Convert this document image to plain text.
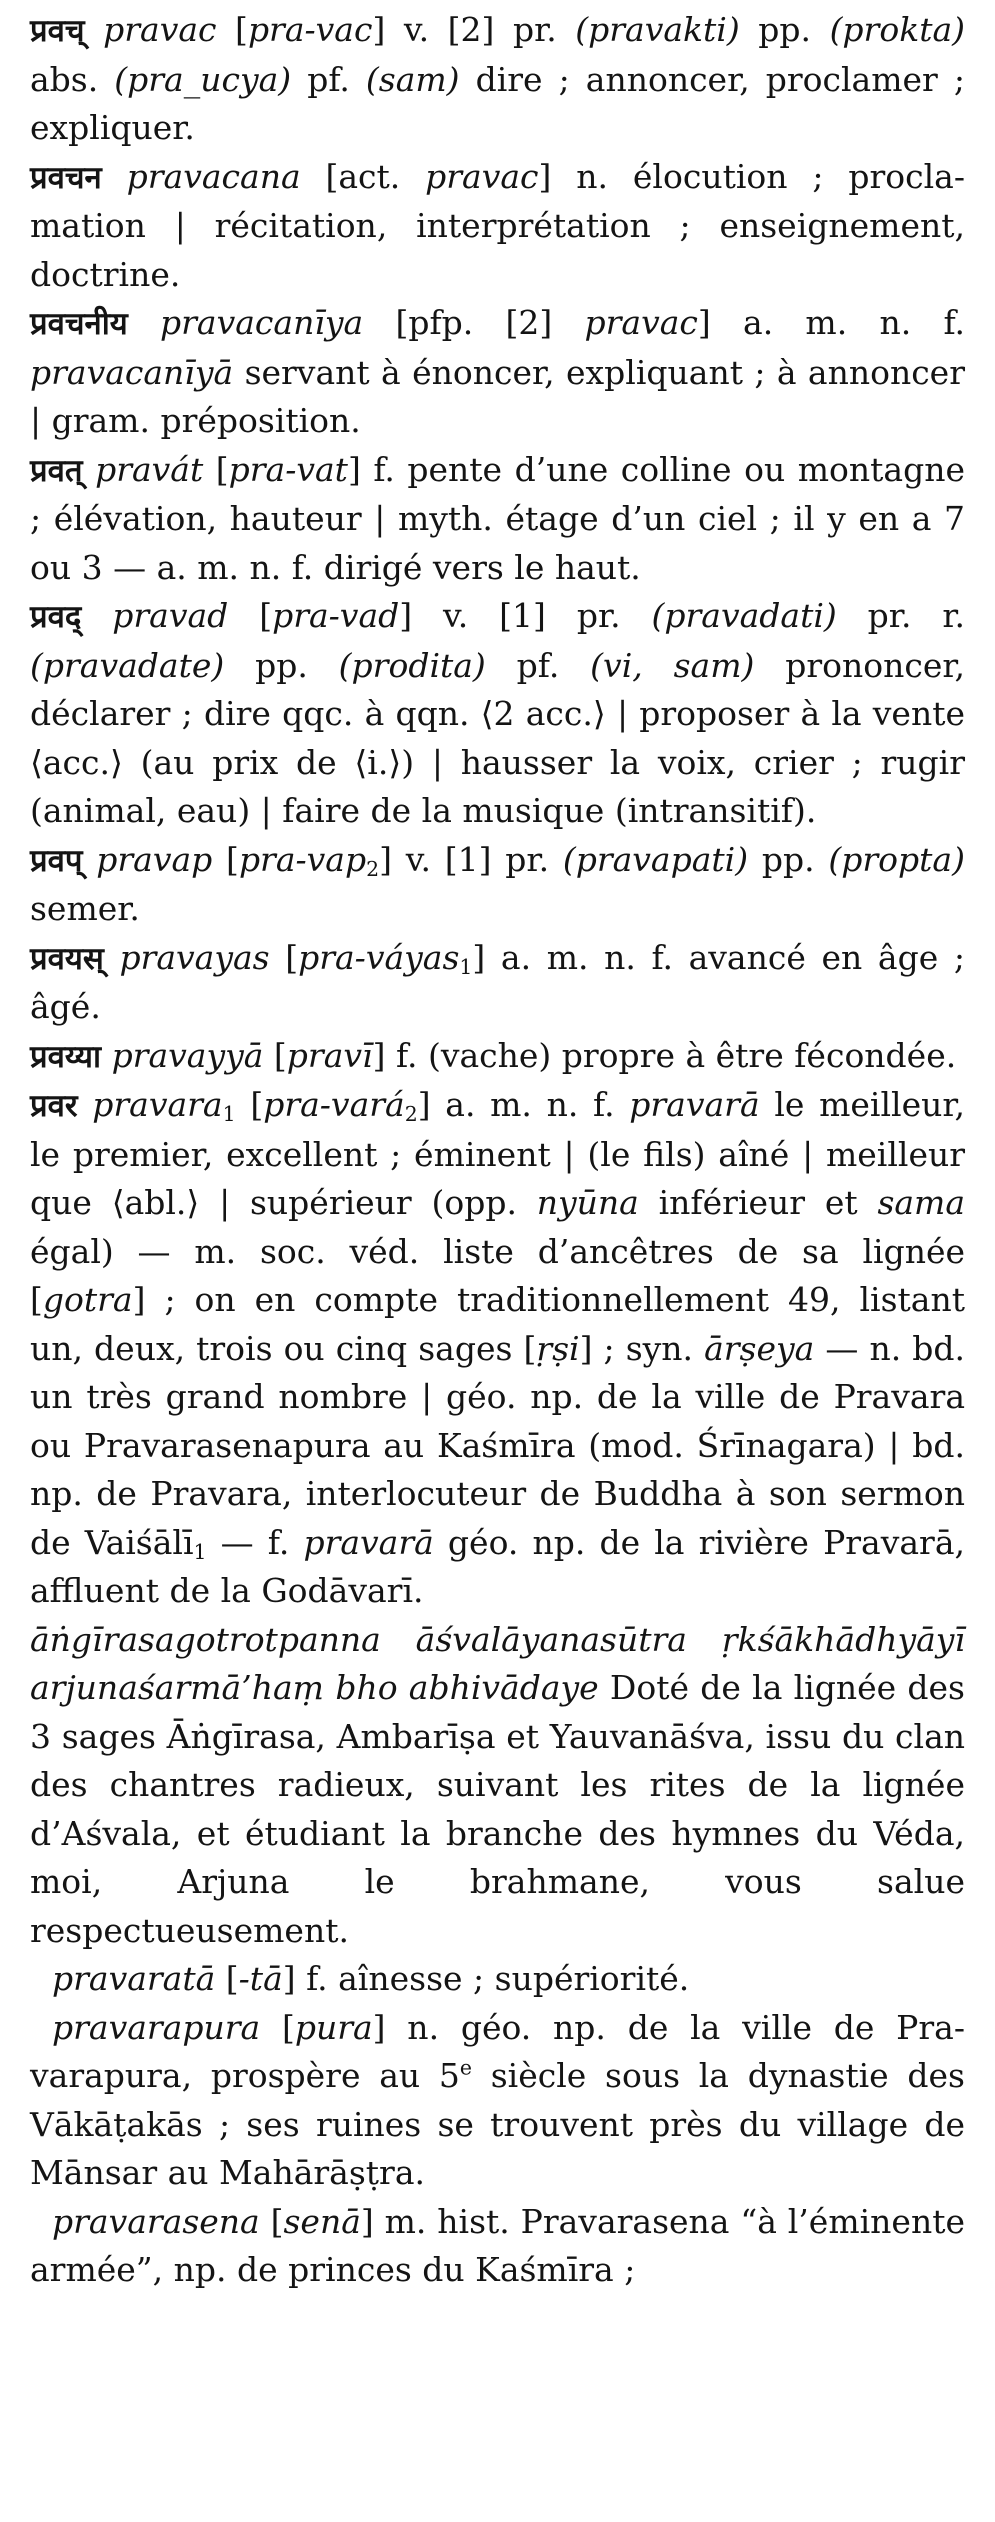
प्रवच् pravac [pra-vac] v. [2] pr. (pravakti) pp. (prokta) abs. (pra_ucya) pf. (sam) dire ; annoncer, proclamer ; expliquer.

प्रवचन pravacana [act. pravac] n. élocution ; proclamation | récitation, interprétation ; enseignement, doctrine.

प्रवचनीय pravacanīya [pfp. [2] pravac] a. m. n. f. pravacanīyā servant à énoncer, expliquant ; à annoncer | gram. préposition.

प्रवत् pravát [pra-vat] f. pente d’une colline ou montagne ; élévation, hauteur | myth. étage d’un ciel ; il y en a 7 ou 3 — a. m. n. f. dirigé vers le haut.

प्रवद् pravad [pra-vad] v. [1] pr. (pravadati) pr. r. (pravadate) pp. (prodita) pf. (vi, sam) prononcer, déclarer ; dire qqc. à qqn. ⟨2 acc.⟩ | proposer à la vente ⟨acc.⟩ (au prix de ⟨i.⟩) | hausser la voix, crier ; rugir (animal, eau) | faire de la musique (intransitif).

प्रवप् pravap [pra-vap$_2$] v. [1] pr. (pravapati) pp. (propta) semer.

प्रवयस् pravayas [pra-váyas$_1$] a. m. n. f. avancé en âge ; âgé.

प्रवय्या pravayyā [pravī] f. (vache) propre à être fécondée.

प्रवर pravara$_1$ [pra-vará$_2$] a. m. n. f. pravarā le meilleur, le premier, excellent ; éminent | (le fils) aîné | meilleur que ⟨abl.⟩ | supérieur (opp. nyūna inférieur et sama égal) — m. soc. véd. liste d’ancêtres de sa lignée [gotra] ; on en compte traditionnellement 49, listant un, deux, trois ou cinq sages [ṛṣi] ; syn. ārṣeya — n. bd. un très grand nombre | géo. np. de la ville de Pravara ou Pravarasenapura au Kaśmīra (mod. Śrīnagara) | bd. np. de Pravara, interlocuteur de Buddha à son sermon de Vaiśālī$_1$ — f. pravarā géo. np. de la rivière Pravarā, affluent de la Godāvarī.

āṅgīrasagotrotpanna āśvalāyanasūtra ṛkśākhādhyāyī arjunaśarmā’haṃ bho abhivādaye Doté de la lignée des 3 sages Āṅgīrasa, Ambarīṣa et Yauvanāśva, issu du clan des chantres radieux, suivant les rites de la lignée d’Aśvala, et étudiant la branche des hymnes du Véda, moi, Arjuna le brahmane, vous salue respectueusement.

pravaratā [-tā] f. aînesse ; supériorité.

pravarapura [pura] n. géo. np. de la ville de Pravarapura, prospère au 5e siècle sous la dynastie des Vākāṭakās ; ses ruines se trouvent près du village de Mānsar au Mahārāṣṭra.

pravarasena [senā] m. hist. Pravarasena “à l’éminente armée”, np. de princes du Kaśmīra ;
